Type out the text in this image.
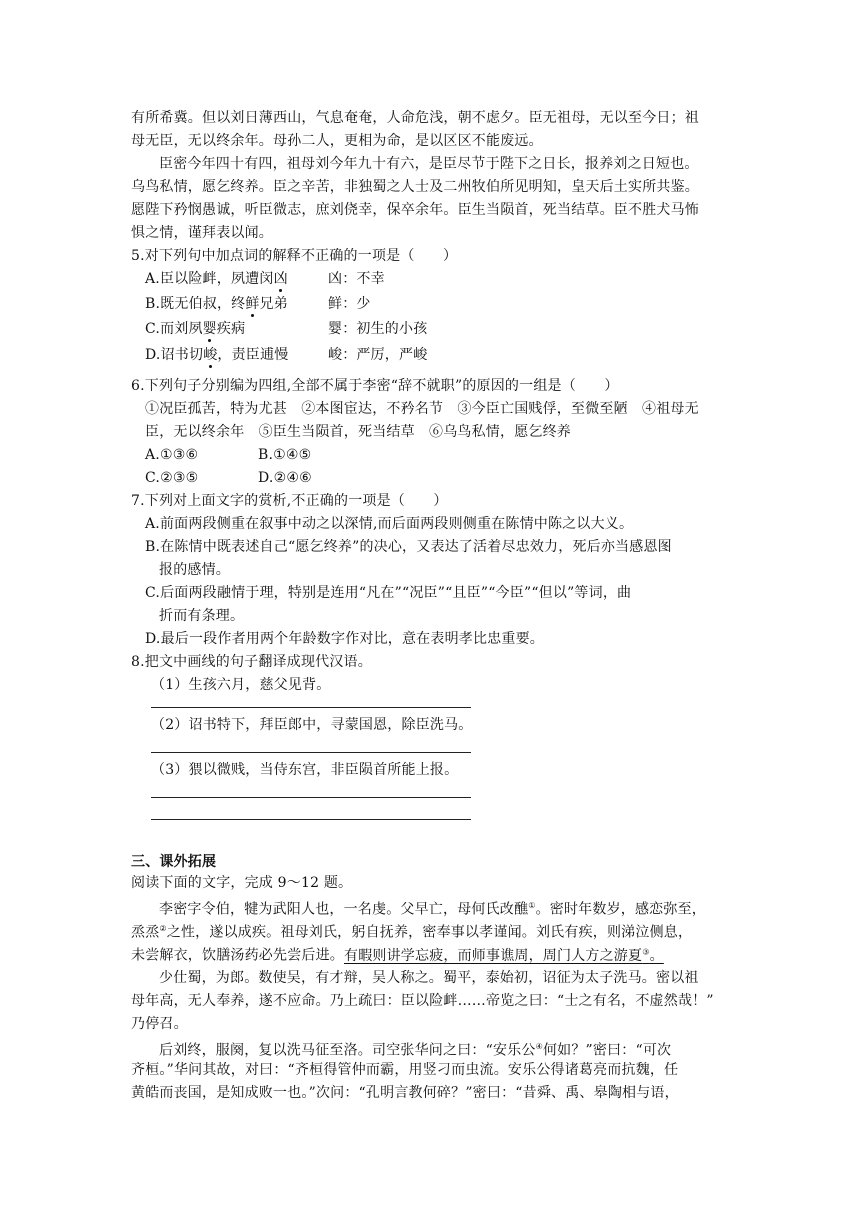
有所希冀。但以刘日薄西山，气息奄奄，人命危浅，朝不虑夕。臣无祖母，无以至今日；祖
母无臣，无以终余年。母孙二人，更相为命，是以区区不能废远。
臣密今年四十有四，祖母刘今年九十有六，是臣尽节于陛下之日长，报养刘之日短也。
乌鸟私情，愿乞终养。臣之辛苦，非独蜀之人士及二州牧伯所见明知，皇天后土实所共鉴。
愿陛下矜悯愚诚，听臣微志，庶刘侥幸，保卒余年。臣生当陨首，死当结草。臣不胜犬马怖
惧之情，谨拜表以闻。
5.对下列句中加点词的解释不正确的一项是（　　）
A.臣以险衅，夙遭闵凶	凶：不幸
B.既无伯叔，终鲜兄弟	鲜：少
C.而刘夙婴疾病	婴：初生的小孩
D.诏书切峻，责臣逋慢	峻：严厉，严峻
6.下列句子分别编为四组,全部不属于李密“辞不就职”的原因的一组是（　　）
①况臣孤苦，特为尤甚　②本图宦达，不矜名节　③今臣亡国贱俘，至微至陋　④祖母无
臣，无以终余年　⑤臣生当陨首，死当结草　⑥乌鸟私情，愿乞终养
A.①③⑥	B.①④⑤
C.②③⑤	D.②④⑥
7.下列对上面文字的赏析,不正确的一项是（　　）
A.前面两段侧重在叙事中动之以深情,而后面两段则侧重在陈情中陈之以大义。
B.在陈情中既表述自己“愿乞终养”的决心，又表达了活着尽忠效力，死后亦当感恩图
报的感情。
C.后面两段融情于理，特别是连用“凡在”“况臣”“且臣”“今臣”“但以”等词，曲
折而有条理。
D.最后一段作者用两个年龄数字作对比，意在表明孝比忠重要。
8.把文中画线的句子翻译成现代汉语。
（1）生孩六月，慈父见背。
（2）诏书特下，拜臣郎中，寻蒙国恩，除臣洗马。
（3）猥以微贱，当侍东宫，非臣陨首所能上报。
三、课外拓展
阅读下面的文字，完成 9～12 题。
李密字令伯，犍为武阳人也，一名虔。父早亡，母何氏改醮①。密时年数岁，感恋弥至，
烝烝②之性，遂以成疾。祖母刘氏，躬自抚养，密奉事以孝谨闻。刘氏有疾，则涕泣侧息，
未尝解衣，饮膳汤药必先尝后进。有暇则讲学忘疲，而师事谯周，周门人方之游夏③。
少仕蜀，为郎。数使吴，有才辩，吴人称之。蜀平，泰始初，诏征为太子洗马。密以祖
母年高，无人奉养，遂不应命。乃上疏曰：臣以险衅……帝览之曰：“士之有名，不虚然哉！”
乃停召。
后刘终，服阕，复以洗马征至洛。司空张华问之曰：“安乐公④何如？”密曰：“可次
齐桓。”华问其故，对曰：“齐桓得管仲而霸，用竖刁而虫流。安乐公得诸葛亮而抗魏，任
黄皓而丧国，是知成败一也。”次问：“孔明言教何碎？”密曰：“昔舜、禹、皋陶相与语，
